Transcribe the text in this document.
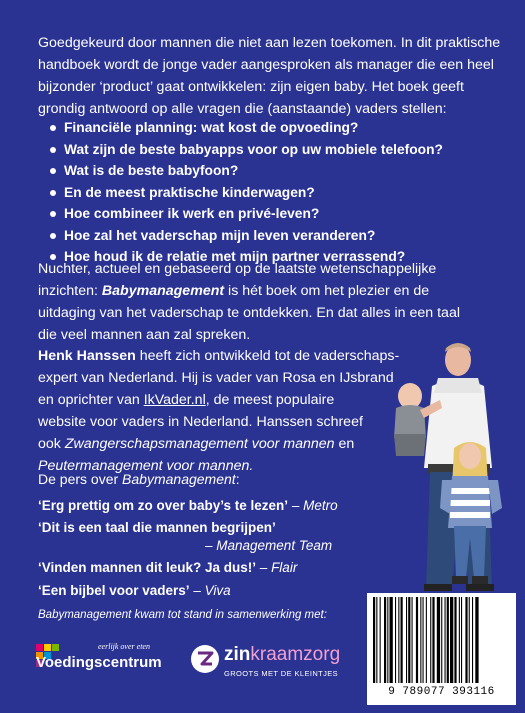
Goedgekeurd door mannen die niet aan lezen toekomen. In dit praktische
handboek wordt de jonge vader aangesproken als manager die een heel
bijzonder ‘product’ gaat ontwikkelen: zijn eigen baby. Het boek geeft
grondig antwoord op alle vragen die (aanstaande) vaders stellen:
Financiële planning: wat kost de opvoeding?
Wat zijn de beste babyapps voor op uw mobiele telefoon?
Wat is de beste babyfoon?
En de meest praktische kinderwagen?
Hoe combineer ik werk en privé-leven?
Hoe zal het vaderschap mijn leven veranderen?
Hoe houd ik de relatie met mijn partner verrassend?
Nuchter, actueel en gebaseerd op de laatste wetenschappelijke
inzichten: Babymanagement is hét boek om het plezier en de
uitdaging van het vaderschap te ontdekken. En dat alles in een taal
die veel mannen aan zal spreken.
Henk Hanssen heeft zich ontwikkeld tot de vaderschaps-
expert van Nederland. Hij is vader van Rosa en IJsbrand
en oprichter van IkVader.nl, de meest populaire
website voor vaders in Nederland. Hanssen schreef
ook Zwangerschapsmanagement voor mannen en
Peutermanagement voor mannen.
De pers over Babymanagement:
‘Erg prettig om zo over baby’s te lezen’ – Metro
‘Dit is een taal die mannen begrijpen’
– Management Team
‘Vinden mannen dit leuk? Ja dus!’ – Flair
‘Een bijbel voor vaders’ – Viva
Babymanagement kwam tot stand in samenwerking met:
9 789077 393116
eerlijk over eten
Voedingscentrum	zinkraamzorg
GROOTS MET DE KLEINTJES
